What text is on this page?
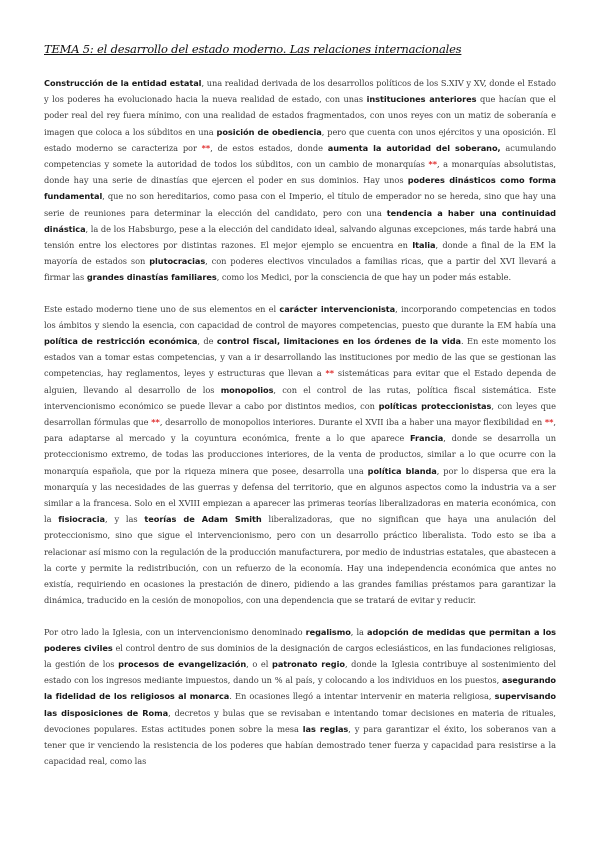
TEMA 5: el desarrollo del estado moderno. Las relaciones internacionales

Construcción de la entidad estatal, una realidad derivada de los desarrollos políticos de los S.XIV y XV, donde el Estado y los poderes ha evolucionado hacia la nueva realidad de estado, con unas instituciones anteriores que hacían que el poder real del rey fuera mínimo, con una realidad de estados fragmentados, con unos reyes con un matiz de soberanía e imagen que coloca a los súbditos en una posición de obediencia, pero que cuenta con unos ejércitos y una oposición. El estado moderno se caracteriza por **, de estos estados, donde aumenta la autoridad del soberano, acumulando competencias y somete la autoridad de todos los súbditos, con un cambio de monarquías **, a monarquías absolutistas, donde hay una serie de dinastías que ejercen el poder en sus dominios. Hay unos poderes dinásticos como forma fundamental, que no son hereditarios, como pasa con el Imperio, el título de emperador no se hereda, sino que hay una serie de reuniones para determinar la elección del candidato, pero con una tendencia a haber una continuidad dinástica, la de los Habsburgo, pese a la elección del candidato ideal, salvando algunas excepciones, más tarde habrá una tensión entre los electores por distintas razones. El mejor ejemplo se encuentra en Italia, donde a final de la EM la mayoría de estados son plutocracias, con poderes electivos vinculados a familias ricas, que a partir del XVI llevará a firmar las grandes dinastías familiares, como los Medici, por la consciencia de que hay un poder más estable.

Este estado moderno tiene uno de sus elementos en el carácter intervencionista, incorporando competencias en todos los ámbitos y siendo la esencia, con capacidad de control de mayores competencias, puesto que durante la EM había una política de restricción económica, de control fiscal, limitaciones en los órdenes de la vida. En este momento los estados van a tomar estas competencias, y van a ir desarrollando las instituciones por medio de las que se gestionan las competencias, hay reglamentos, leyes y estructuras que llevan a ** sistemáticas para evitar que el Estado dependa de alguien, llevando al desarrollo de los monopolios, con el control de las rutas, política fiscal sistemática. Este intervencionismo económico se puede llevar a cabo por distintos medios, con políticas proteccionistas, con leyes que desarrollan fórmulas que **, desarrollo de monopolios interiores. Durante el XVII iba a haber una mayor flexibilidad en **, para adaptarse al mercado y la coyuntura económica, frente a lo que aparece Francia, donde se desarrolla un proteccionismo extremo, de todas las producciones interiores, de la venta de productos, similar a lo que ocurre con la monarquía española, que por la riqueza minera que posee, desarrolla una política blanda, por lo dispersa que era la monarquía y las necesidades de las guerras y defensa del territorio, que en algunos aspectos como la industria va a ser similar a la francesa. Solo en el XVIII empiezan a aparecer las primeras teorías liberalizadoras en materia económica, con la fisiocracia, y las teorías de Adam Smith liberalizadoras, que no significan que haya una anulación del proteccionismo, sino que sigue el intervencionismo, pero con un desarrollo práctico liberalista. Todo esto se iba a relacionar así mismo con la regulación de la producción manufacturera, por medio de industrias estatales, que abastecen a la corte y permite la redistribución, con un refuerzo de la economía. Hay una independencia económica que antes no existía, requiriendo en ocasiones la prestación de dinero, pidiendo a las grandes familias préstamos para garantizar la dinámica, traducido en la cesión de monopolios, con una dependencia que se tratará de evitar y reducir.

Por otro lado la Iglesia, con un intervencionismo denominado regalismo, la adopción de medidas que permitan a los poderes civiles el control dentro de sus dominios de la designación de cargos eclesiásticos, en las fundaciones religiosas, la gestión de los procesos de evangelización, o el patronato regio, donde la Iglesia contribuye al sostenimiento del estado con los ingresos mediante impuestos, dando un % al país, y colocando a los individuos en los puestos, asegurando la fidelidad de los religiosos al monarca. En ocasiones llegó a intentar intervenir en materia religiosa, supervisando las disposiciones de Roma, decretos y bulas que se revisaban e intentando tomar decisiones en materia de rituales, devociones populares. Estas actitudes ponen sobre la mesa las reglas, y para garantizar el éxito, los soberanos van a tener que ir venciendo la resistencia de los poderes que habían demostrado tener fuerza y capacidad para resistirse a la capacidad real, como las
